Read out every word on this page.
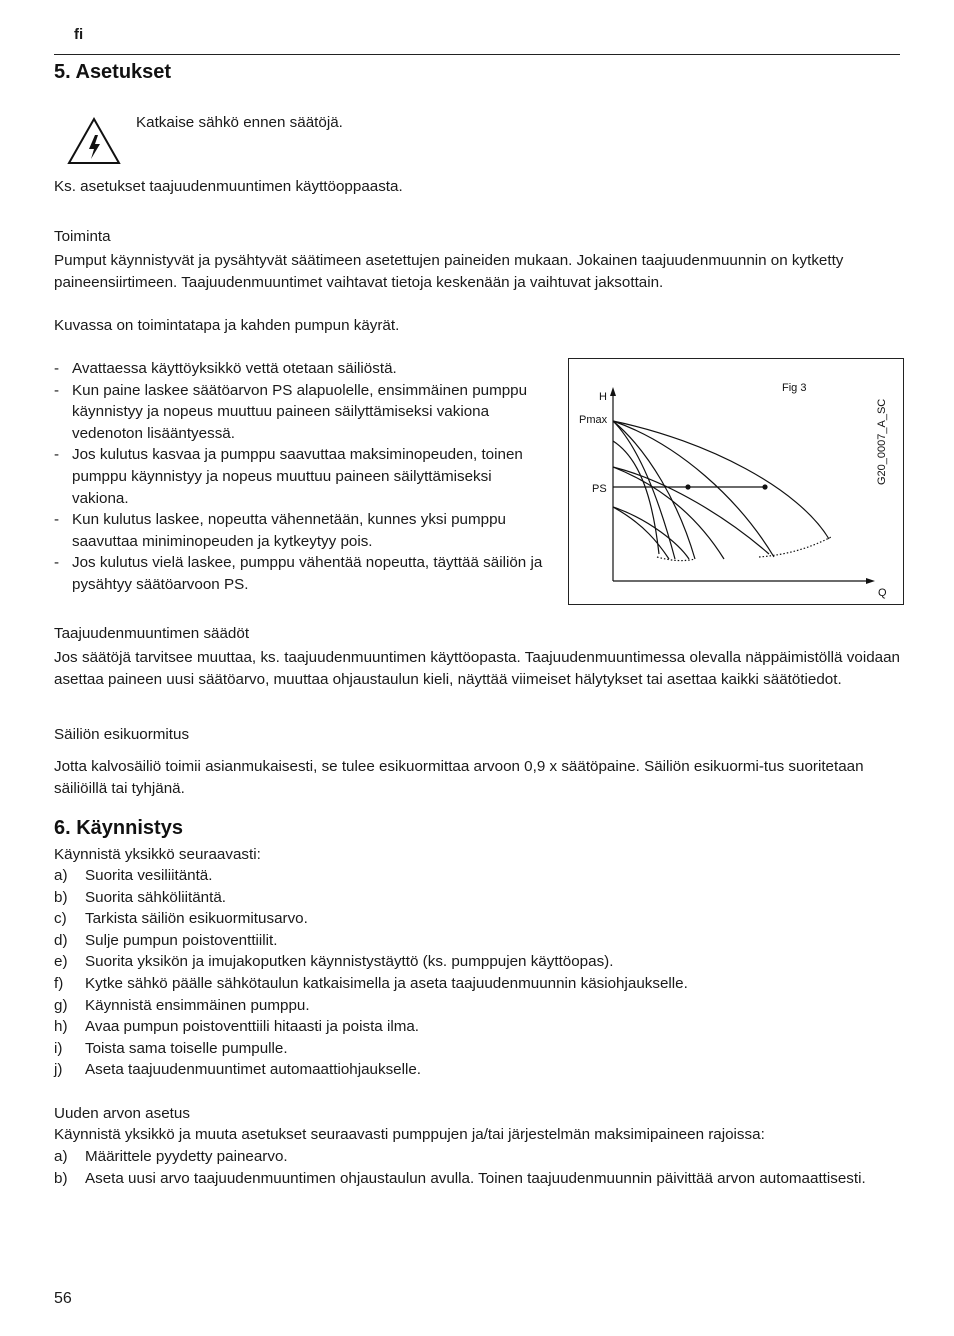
fi
5. Asetukset

Katkaise sähkö ennen säätöjä.

Ks. asetukset taajuudenmuuntimen käyttöoppaasta.

Toiminta

Pumput käynnistyvät ja pysähtyvät säätimeen asetettujen paineiden mukaan. Jokainen taajuudenmuunnin on kytketty paineensiirtimeen. Taajuudenmuuntimet vaihtavat tietoja keskenään ja vaihtuvat jaksottain.

Kuvassa on toimintatapa ja kahden pumpun käyrät.

- Avattaessa käyttöyksikkö vettä otetaan säiliöstä.
- Kun paine laskee säätöarvon PS alapuolelle, ensimmäinen pumppu käynnistyy ja nopeus muuttuu paineen säilyttämiseksi vakiona vedenoton lisääntyessä.
- Jos kulutus kasvaa ja pumppu saavuttaa maksiminopeuden, toinen pumppu käynnistyy ja nopeus muuttuu paineen säilyttämiseksi vakiona.
- Kun kulutus laskee, nopeutta vähennetään, kunnes yksi pumppu saavuttaa miniminopeuden ja kytkeytyy pois.
- Jos kulutus vielä laskee, pumppu vähentää nopeutta, täyttää säiliön ja pysähtyy säätöarvoon PS.
Fig 3
G20_0007_A_SC
H
Pmax
PS
Q

Taajuudenmuuntimen säädöt

Jos säätöjä tarvitsee muuttaa, ks. taajuudenmuuntimen käyttöopasta. Taajuudenmuuntimessa olevalla näppäimistöllä voidaan asettaa paineen uusi säätöarvo, muuttaa ohjaustaulun kieli, näyttää viimeiset hälytykset tai asettaa kaikki säätötiedot.

Säiliön esikuormitus

Jotta kalvosäiliö toimii asianmukaisesti, se tulee esikuormittaa arvoon 0,9 x säätöpaine. Säiliön esikuormi-tus suoritetaan säiliöillä tai tyhjänä.

6. Käynnistys

Käynnistä yksikkö seuraavasti:

a) Suorita vesiliitäntä.
b) Suorita sähköliitäntä.
c) Tarkista säiliön esikuormitusarvo.
d) Sulje pumpun poistoventtiilit.
e) Suorita yksikön ja imujakoputken käynnistystäyttö (ks. pumppujen käyttöopas).
f) Kytke sähkö päälle sähkötaulun katkaisimella ja aseta taajuudenmuunnin käsiohjaukselle.
g) Käynnistä ensimmäinen pumppu.
h) Avaa pumpun poistoventtiili hitaasti ja poista ilma.
i) Toista sama toiselle pumpulle.
j) Aseta taajuudenmuuntimet automaattiohjaukselle.

Uuden arvon asetus

Käynnistä yksikkö ja muuta asetukset seuraavasti pumppujen ja/tai järjestelmän maksimipaineen rajoissa:

a) Määrittele pyydetty painearvo.
b) Aseta uusi arvo taajuudenmuuntimen ohjaustaulun avulla. Toinen taajuudenmuunnin päivittää arvon automaattisesti.
56
